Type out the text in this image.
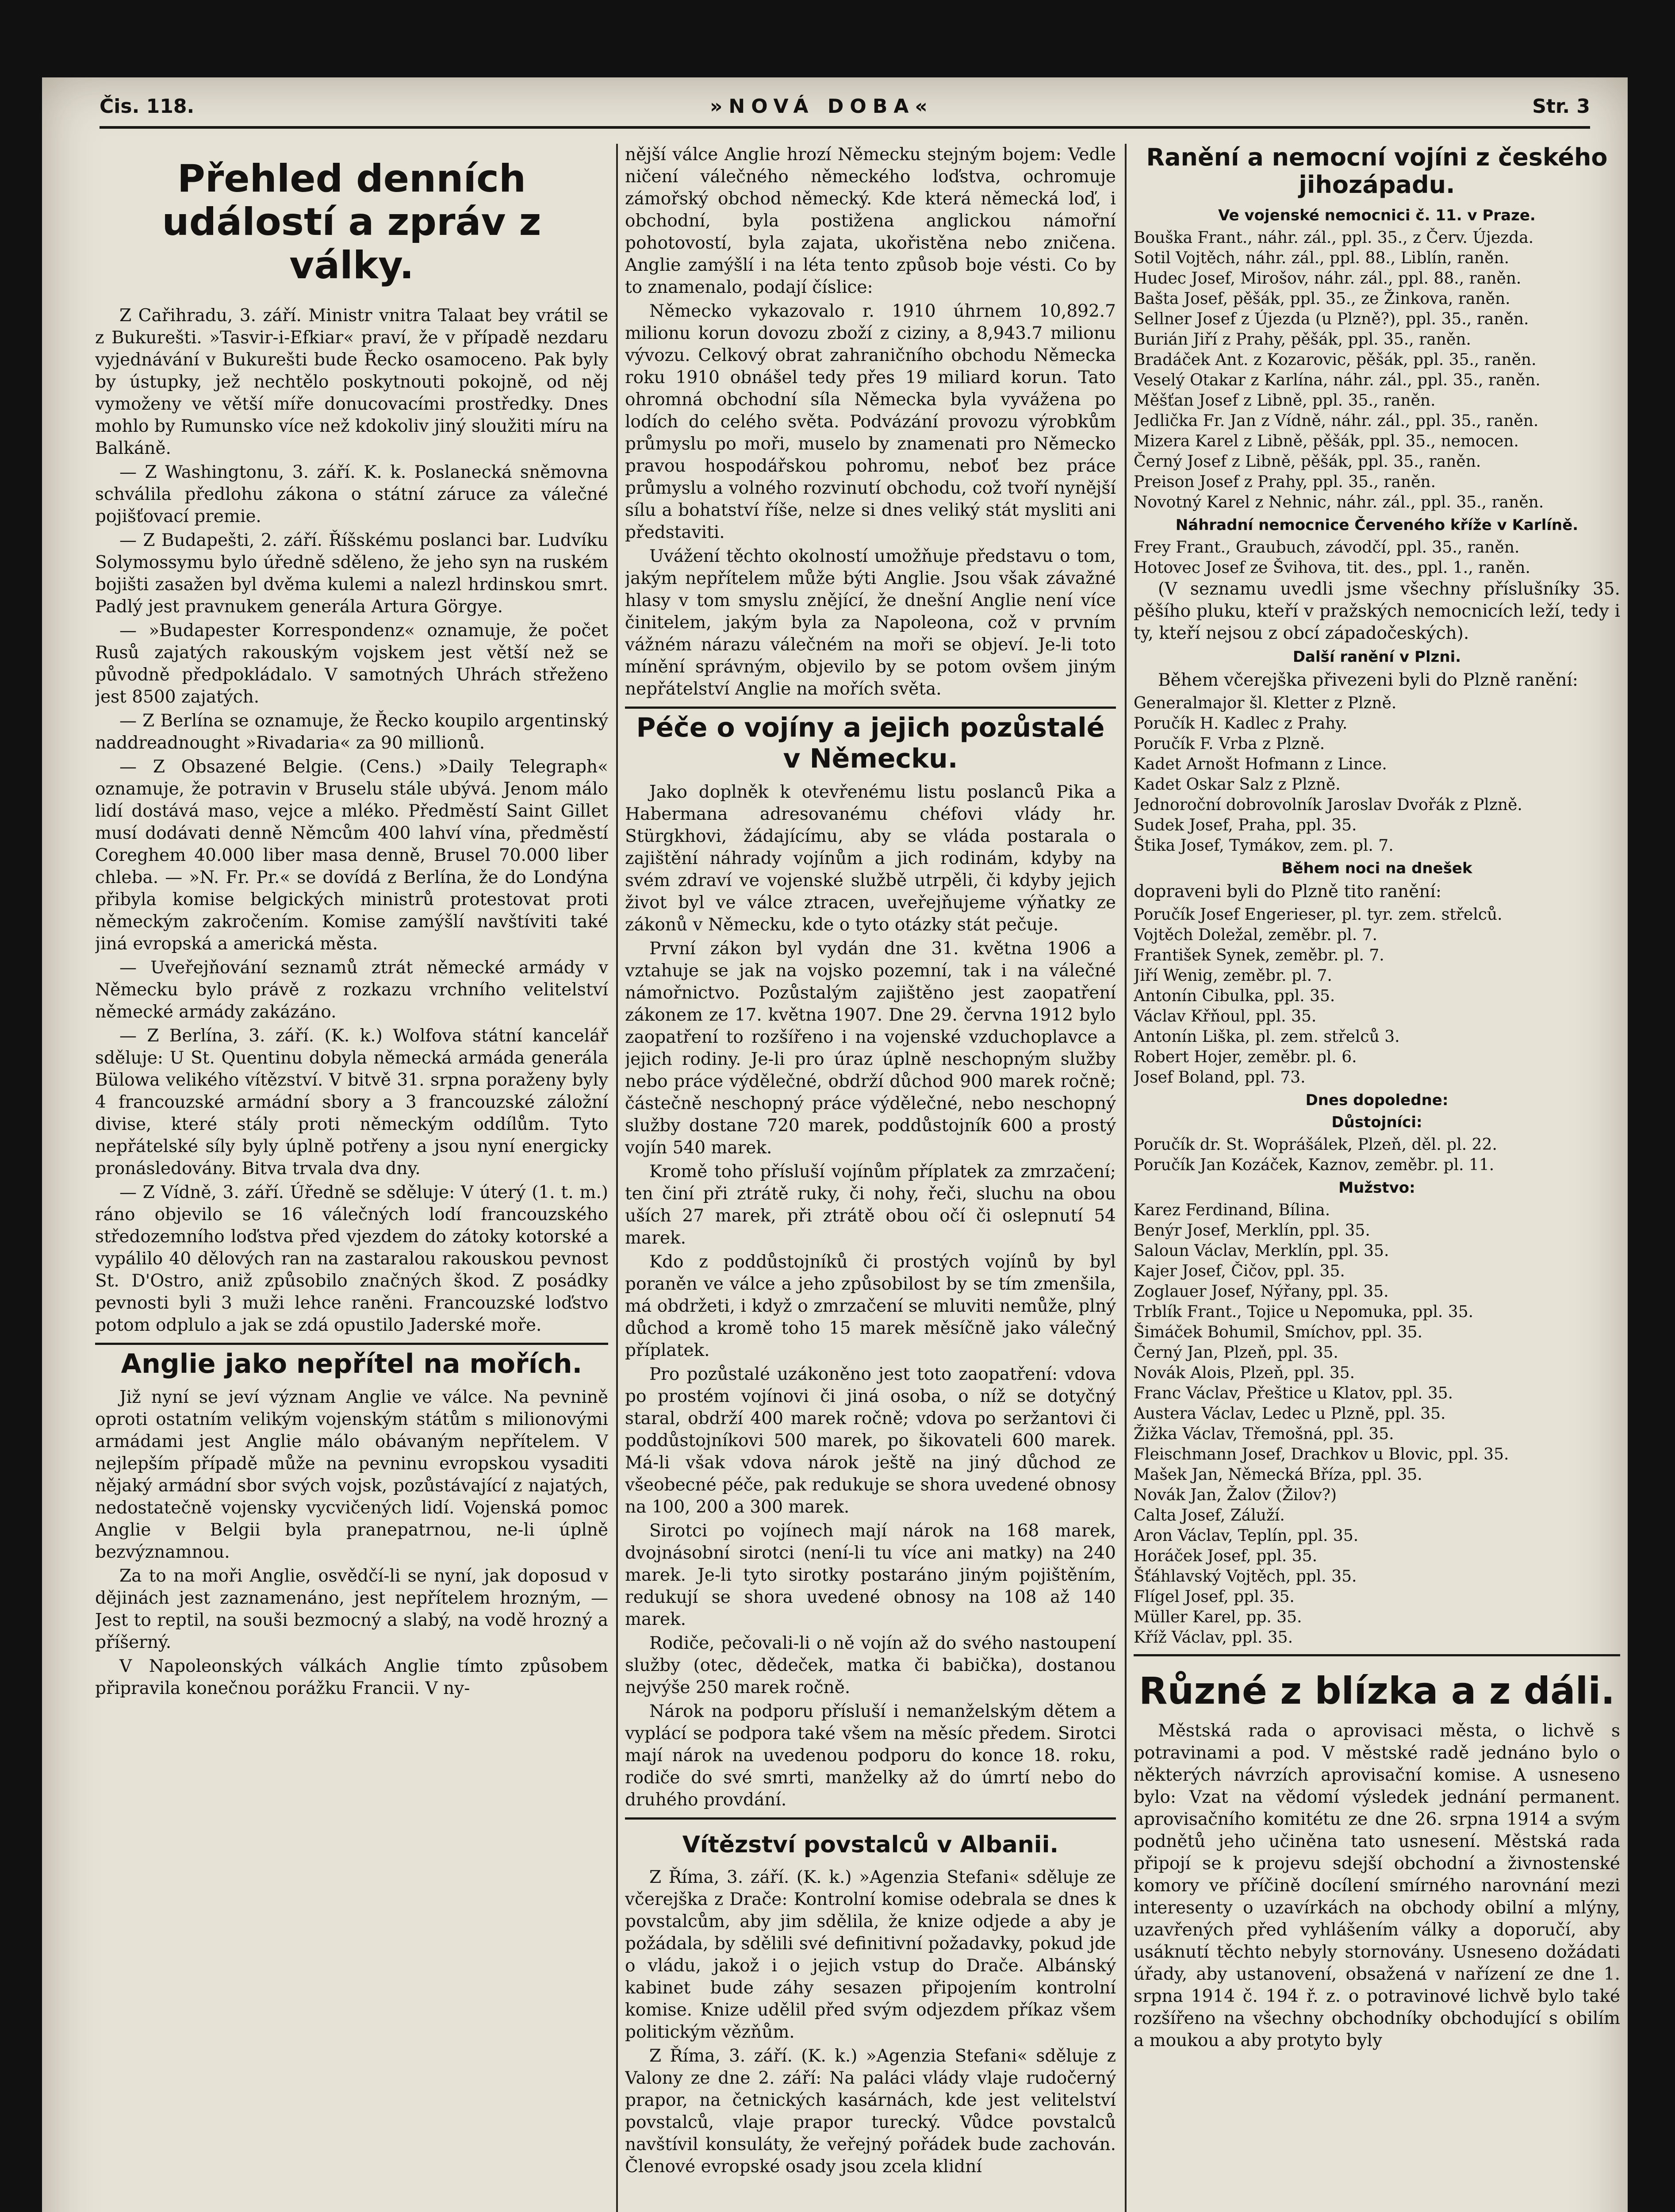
Čis. 118.	»NOVÁ DOBA«	Str. 3
Přehled denních událostí a zpráv z války.

Z Cařihradu, 3. září. Ministr vnitra Talaat bey vrátil se z Bukurešti. »Tasvir-i-Efkiar« praví, že v případě nezdaru vyjednávání v Bukurešti bude Řecko osamoceno. Pak byly by ústupky, jež nechtělo poskytnouti pokojně, od něj vymoženy ve větší míře donucovacími prostředky. Dnes mohlo by Rumunsko více než kdokoliv jiný sloužiti míru na Balkáně.

— Z Washingtonu, 3. září. K. k. Poslanecká sněmovna schválila předlohu zákona o státní záruce za válečné pojišťovací premie.

— Z Budapešti, 2. září. Říšskému poslanci bar. Ludvíku Solymossymu bylo úředně sděleno, že jeho syn na ruském bojišti zasažen byl dvěma kulemi a nalezl hrdinskou smrt. Padlý jest pravnukem generála Artura Görgye.

— »Budapester Korrespondenz« oznamuje, že počet Rusů zajatých rakouským vojskem jest větší než se původně předpokládalo. V samotných Uhrách střeženo jest 8500 zajatých.

— Z Berlína se oznamuje, že Řecko koupilo argentinský naddreadnought »Rivadaria« za 90 millionů.

— Z Obsazené Belgie. (Cens.) »Daily Telegraph« oznamuje, že potravin v Bruselu stále ubývá. Jenom málo lidí dostává maso, vejce a mléko. Předměstí Saint Gillet musí dodávati denně Němcům 400 lahví vína, předměstí Coreghem 40.000 liber masa denně, Brusel 70.000 liber chleba. — »N. Fr. Pr.« se dovídá z Berlína, že do Londýna přibyla komise belgických ministrů protestovat proti německým zakročením. Komise zamýšlí navštíviti také jiná evropská a americká města.

— Uveřejňování seznamů ztrát německé armády v Německu bylo právě z rozkazu vrchního velitelství německé armády zakázáno.

— Z Berlína, 3. září. (K. k.) Wolfova státní kancelář sděluje: U St. Quentinu dobyla německá armáda generála Bülowa velikého vítězství. V bitvě 31. srpna poraženy byly 4 francouzské armádní sbory a 3 francouzské záložní divise, které stály proti německým oddílům. Tyto nepřátelské síly byly úplně potřeny a jsou nyní energicky pronásledovány. Bitva trvala dva dny.

— Z Vídně, 3. září. Úředně se sděluje: V úterý (1. t. m.) ráno objevilo se 16 válečných lodí francouzského středozemního loďstva před vjezdem do zátoky kotorské a vypálilo 40 dělových ran na zastaralou rakouskou pevnost St. D'Ostro, aniž způsobilo značných škod. Z posádky pevnosti byli 3 muži lehce raněni. Francouzské loďstvo potom odplulo a jak se zdá opustilo Jaderské moře.

Anglie jako nepřítel na mořích.

Již nyní se jeví význam Anglie ve válce. Na pevnině oproti ostatním velikým vojenským státům s milionovými armádami jest Anglie málo obávaným nepřítelem. V nejlepším případě může na pevninu evropskou vysaditi nějaký armádní sbor svých vojsk, pozůstávající z najatých, nedostatečně vojensky vycvičených lidí. Vojenská pomoc Anglie v Belgii byla pranepatrnou, ne-li úplně bezvýznamnou.

Za to na moři Anglie, osvědčí-li se nyní, jak doposud v dějinách jest zaznamenáno, jest nepřítelem hrozným, — Jest to reptil, na souši bezmocný a slabý, na vodě hrozný a příšerný.

V Napoleonských válkách Anglie tímto způsobem připravila konečnou porážku Francii. V ny-

nější válce Anglie hrozí Německu stejným bojem: Vedle ničení válečného německého loďstva, ochromuje zámořský obchod německý. Kde která německá loď, i obchodní, byla postižena anglickou námořní pohotovostí, byla zajata, ukořistěna nebo zničena. Anglie zamýšlí i na léta tento způsob boje vésti. Co by to znamenalo, podají číslice:

Německo vykazovalo r. 1910 úhrnem 10,892.7 milionu korun dovozu zboží z ciziny, a 8,943.7 milionu vývozu. Celkový obrat zahraničního obchodu Německa roku 1910 obnášel tedy přes 19 miliard korun. Tato ohromná obchodní síla Německa byla vyvážena po lodích do celého světa. Podvázání provozu výrobkům průmyslu po moři, muselo by znamenati pro Německo pravou hospodářskou pohromu, neboť bez práce průmyslu a volného rozvinutí obchodu, což tvoří nynější sílu a bohatství říše, nelze si dnes veliký stát mysliti ani představiti.

Uvážení těchto okolností umožňuje představu o tom, jakým nepřítelem může býti Anglie. Jsou však závažné hlasy v tom smyslu znějící, že dnešní Anglie není více činitelem, jakým byla za Napoleona, což v prvním vážném nárazu válečném na moři se objeví. Je-li toto mínění správným, objevilo by se potom ovšem jiným nepřátelství Anglie na mořích světa.

Péče o vojíny a jejich pozůstalé v Německu.

Jako doplněk k otevřenému listu poslanců Pika a Habermana adresovanému chéfovi vlády hr. Stürgkhovi, žádajícímu, aby se vláda postarala o zajištění náhrady vojínům a jich rodinám, kdyby na svém zdraví ve vojenské službě utrpěli, či kdyby jejich život byl ve válce ztracen, uveřejňujeme výňatky ze zákonů v Německu, kde o tyto otázky stát pečuje.

První zákon byl vydán dne 31. května 1906 a vztahuje se jak na vojsko pozemní, tak i na válečné námořnictvo. Pozůstalým zajištěno jest zaopatření zákonem ze 17. května 1907. Dne 29. června 1912 bylo zaopatření to rozšířeno i na vojenské vzduchoplavce a jejich rodiny. Je-li pro úraz úplně neschopným služby nebo práce výdělečné, obdrží důchod 900 marek ročně; částečně neschopný práce výdělečné, nebo neschopný služby dostane 720 marek, poddůstojník 600 a prostý vojín 540 marek.

Kromě toho přísluší vojínům příplatek za zmrzačení; ten činí při ztrátě ruky, či nohy, řeči, sluchu na obou uších 27 marek, při ztrátě obou očí či oslepnutí 54 marek.

Kdo z poddůstojníků či prostých vojínů by byl poraněn ve válce a jeho způsobilost by se tím zmenšila, má obdržeti, i když o zmrzačení se mluviti nemůže, plný důchod a kromě toho 15 marek měsíčně jako válečný příplatek.

Pro pozůstalé uzákoněno jest toto zaopatření: vdova po prostém vojínovi či jiná osoba, o níž se dotyčný staral, obdrží 400 marek ročně; vdova po seržantovi či poddůstojníkovi 500 marek, po šikovateli 600 marek. Má-li však vdova nárok ještě na jiný důchod ze všeobecné péče, pak redukuje se shora uvedené obnosy na 100, 200 a 300 marek.

Sirotci po vojínech mají nárok na 168 marek, dvojnásobní sirotci (není-li tu více ani matky) na 240 marek. Je-li tyto sirotky postaráno jiným pojištěním, redukují se shora uvedené obnosy na 108 až 140 marek.

Rodiče, pečovali-li o ně vojín až do svého nastoupení služby (otec, dědeček, matka či babička), dostanou nejvýše 250 marek ročně.

Nárok na podporu přísluší i nemanželským dětem a vyplácí se podpora také všem na měsíc předem. Sirotci mají nárok na uvedenou podporu do konce 18. roku, rodiče do své smrti, manželky až do úmrtí nebo do druhého provdání.

Vítězství povstalců v Albanii.

Z Říma, 3. září. (K. k.) »Agenzia Stefani« sděluje ze včerejška z Drače: Kontrolní komise odebrala se dnes k povstalcům, aby jim sdělila, že knize odjede a aby je požádala, by sdělili své definitivní požadavky, pokud jde o vládu, jakož i o jejich vstup do Drače. Albánský kabinet bude záhy sesazen připojením kontrolní komise. Knize udělil před svým odjezdem příkaz všem politickým vězňům.

Z Říma, 3. září. (K. k.) »Agenzia Stefani« sděluje z Valony ze dne 2. září: Na paláci vlády vlaje rudočerný prapor, na četnických kasárnách, kde jest velitelství povstalců, vlaje prapor turecký. Vůdce povstalců navštívil konsuláty, že veřejný pořádek bude zachován. Členové evropské osady jsou zcela klidní

Ranění a nemocní vojíni z českého jihozápadu.
Ve vojenské nemocnici č. 11. v Praze.

Bouška Frant., náhr. zál., ppl. 35., z Červ. Újezda.

Sotil Vojtěch, náhr. zál., ppl. 88., Liblín, raněn.

Hudec Josef, Mirošov, náhr. zál., ppl. 88., raněn.

Bašta Josef, pěšák, ppl. 35., ze Žinkova, raněn.

Sellner Josef z Újezda (u Plzně?), ppl. 35., raněn.

Burián Jiří z Prahy, pěšák, ppl. 35., raněn.

Bradáček Ant. z Kozarovic, pěšák, ppl. 35., raněn.

Veselý Otakar z Karlína, náhr. zál., ppl. 35., raněn.

Měšťan Josef z Libně, ppl. 35., raněn.

Jedlička Fr. Jan z Vídně, náhr. zál., ppl. 35., raněn.

Mizera Karel z Libně, pěšák, ppl. 35., nemocen.

Černý Josef z Libně, pěšák, ppl. 35., raněn.

Preison Josef z Prahy, ppl. 35., raněn.

Novotný Karel z Nehnic, náhr. zál., ppl. 35., raněn.

Náhradní nemocnice Červeného kříže v Karlíně.

Frey Frant., Graubuch, závodčí, ppl. 35., raněn.

Hotovec Josef ze Švihova, tit. des., ppl. 1., raněn.

(V seznamu uvedli jsme všechny příslušníky 35. pěšího pluku, kteří v pražských nemocnicích leží, tedy i ty, kteří nejsou z obcí západočeských).

Další ranění v Plzni.

Během včerejška přivezeni byli do Plzně ranění:

Generalmajor šl. Kletter z Plzně.

Poručík H. Kadlec z Prahy.

Poručík F. Vrba z Plzně.

Kadet Arnošt Hofmann z Lince.

Kadet Oskar Salz z Plzně.

Jednoroční dobrovolník Jaroslav Dvořák z Plzně.

Sudek Josef, Praha, ppl. 35.

Štika Josef, Tymákov, zem. pl. 7.

Během noci na dnešek

dopraveni byli do Plzně tito ranění:

Poručík Josef Engerieser, pl. tyr. zem. střelců.

Vojtěch Doležal, zeměbr. pl. 7.

František Synek, zeměbr. pl. 7.

Jiří Wenig, zeměbr. pl. 7.

Antonín Cibulka, ppl. 35.

Václav Křňoul, ppl. 35.

Antonín Liška, pl. zem. střelců 3.

Robert Hojer, zeměbr. pl. 6.

Josef Boland, ppl. 73.

Dnes dopoledne:
Důstojníci:

Poručík dr. St. Woprášálek, Plzeň, děl. pl. 22.

Poručík Jan Kozáček, Kaznov, zeměbr. pl. 11.

Mužstvo:

Karez Ferdinand, Bílina.

Benýr Josef, Merklín, ppl. 35.

Saloun Václav, Merklín, ppl. 35.

Kajer Josef, Čičov, ppl. 35.

Zoglauer Josef, Nýřany, ppl. 35.

Trblík Frant., Tojice u Nepomuka, ppl. 35.

Šimáček Bohumil, Smíchov, ppl. 35.

Černý Jan, Plzeň, ppl. 35.

Novák Alois, Plzeň, ppl. 35.

Franc Václav, Přeštice u Klatov, ppl. 35.

Austera Václav, Ledec u Plzně, ppl. 35.

Žižka Václav, Třemošná, ppl. 35.

Fleischmann Josef, Drachkov u Blovic, ppl. 35.

Mašek Jan, Německá Bříza, ppl. 35.

Novák Jan, Žalov (Žilov?)

Calta Josef, Záluží.

Aron Václav, Teplín, ppl. 35.

Horáček Josef, ppl. 35.

Šťáhlavský Vojtěch, ppl. 35.

Flígel Josef, ppl. 35.

Müller Karel, pp. 35.

Kříž Václav, ppl. 35.

Různé z blízka a z dáli.

Městská rada o aprovisaci města, o lichvě s potravinami a pod. V městské radě jednáno bylo o některých návrzích aprovisační komise. A usneseno bylo: Vzat na vědomí výsledek jednání permanent. aprovisačního komitétu ze dne 26. srpna 1914 a svým podnětů jeho učiněna tato usnesení. Městská rada připojí se k projevu sdejší obchodní a živnostenské komory ve příčině docílení smírného narovnání mezi interesenty o uzavírkách na obchody obilní a mlýny, uzavřených před vyhlášením války a doporučí, aby usáknutí těchto nebyly stornovány. Usneseno dožádati úřady, aby ustanovení, obsažená v nařízení ze dne 1. srpna 1914 č. 194 ř. z. o potravinové lichvě bylo také rozšířeno na všechny obchodníky obchodující s obilím a moukou a aby protyto byly
